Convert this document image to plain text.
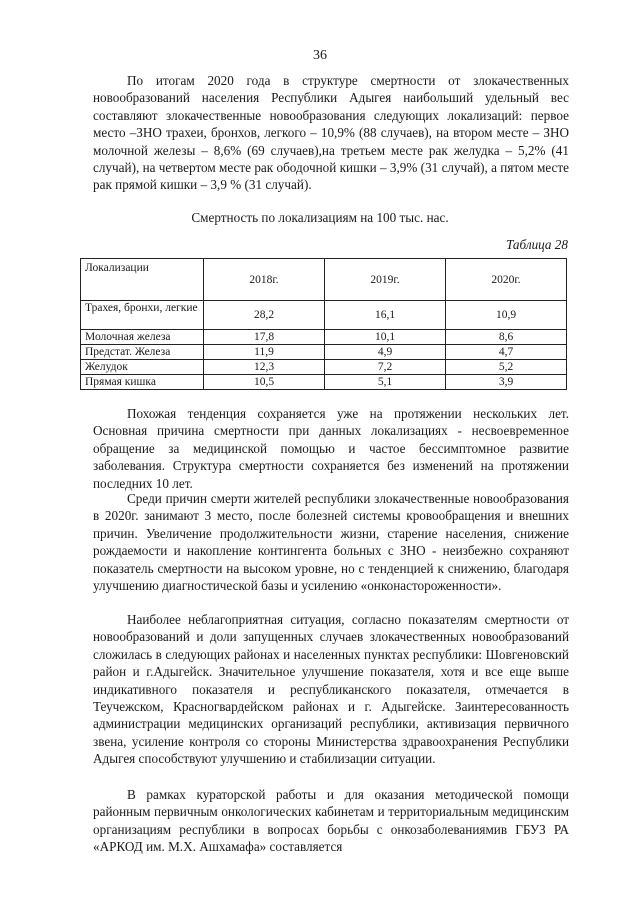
36

По итогам 2020 года в структуре смертности от злокачественных новообразований населения Республики Адыгея наибольший удельный вес составляют злокачественные новообразования следующих локализаций: первое место –ЗНО трахеи, бронхов, легкого – 10,9% (88 случаев), на втором месте – ЗНО молочной железы – 8,6% (69 случаев),на третьем месте рак желудка – 5,2% (41 случай), на четвертом месте рак ободочной кишки – 3,9% (31 случай), а пятом месте рак прямой кишки – 3,9 % (31 случай).

Смертность по локализациям на 100 тыс. нас.
Таблица 28
Локализации	2018г.	2019г.	2020г.
Трахея, бронхи, легкие	28,2	16,1	10,9
Молочная железа	17,8	10,1	8,6
Предстат. Железа	11,9	4,9	4,7
Желудок	12,3	7,2	5,2
Прямая кишка	10,5	5,1	3,9

Похожая тенденция сохраняется уже на протяжении нескольких лет. Основная причина смертности при данных локализациях - несвоевременное обращение за медицинской помощью и частое бессимптомное развитие заболевания. Структура смертности сохраняется без изменений на протяжении последних 10 лет.

Среди причин смерти жителей республики злокачественные новообразования в 2020г. занимают 3 место, после болезней системы кровообращения и внешних причин. Увеличение продолжительности жизни, старение населения, снижение рождаемости и накопление контингента больных с ЗНО - неизбежно сохраняют показатель смертности на высоком уровне, но с тенденцией к снижению, благодаря улучшению диагностической базы и усилению «онконастороженности».

Наиболее неблагоприятная ситуация, согласно показателям смертности от новообразований и доли запущенных случаев злокачественных новообразований сложилась в следующих районах и населенных пунктах республики: Шовгеновский район и г.Адыгейск. Значительное улучшение показателя, хотя и все еще выше индикативного показателя и республиканского показателя, отмечается в Теучежском, Красногвардейском районах и г. Адыгейске. Заинтересованность администрации медицинских организаций республики, активизация первичного звена, усиление контроля со стороны Министерства здравоохранения Республики Адыгея способствуют улучшению и стабилизации ситуации.

В рамках кураторской работы и для оказания методической помощи районным первичным онкологических кабинетам и территориальным медицинским организациям республики в вопросах борьбы с онкозаболеваниямив ГБУЗ РА «АРКОД им. М.Х. Ашхамафа» составляется
